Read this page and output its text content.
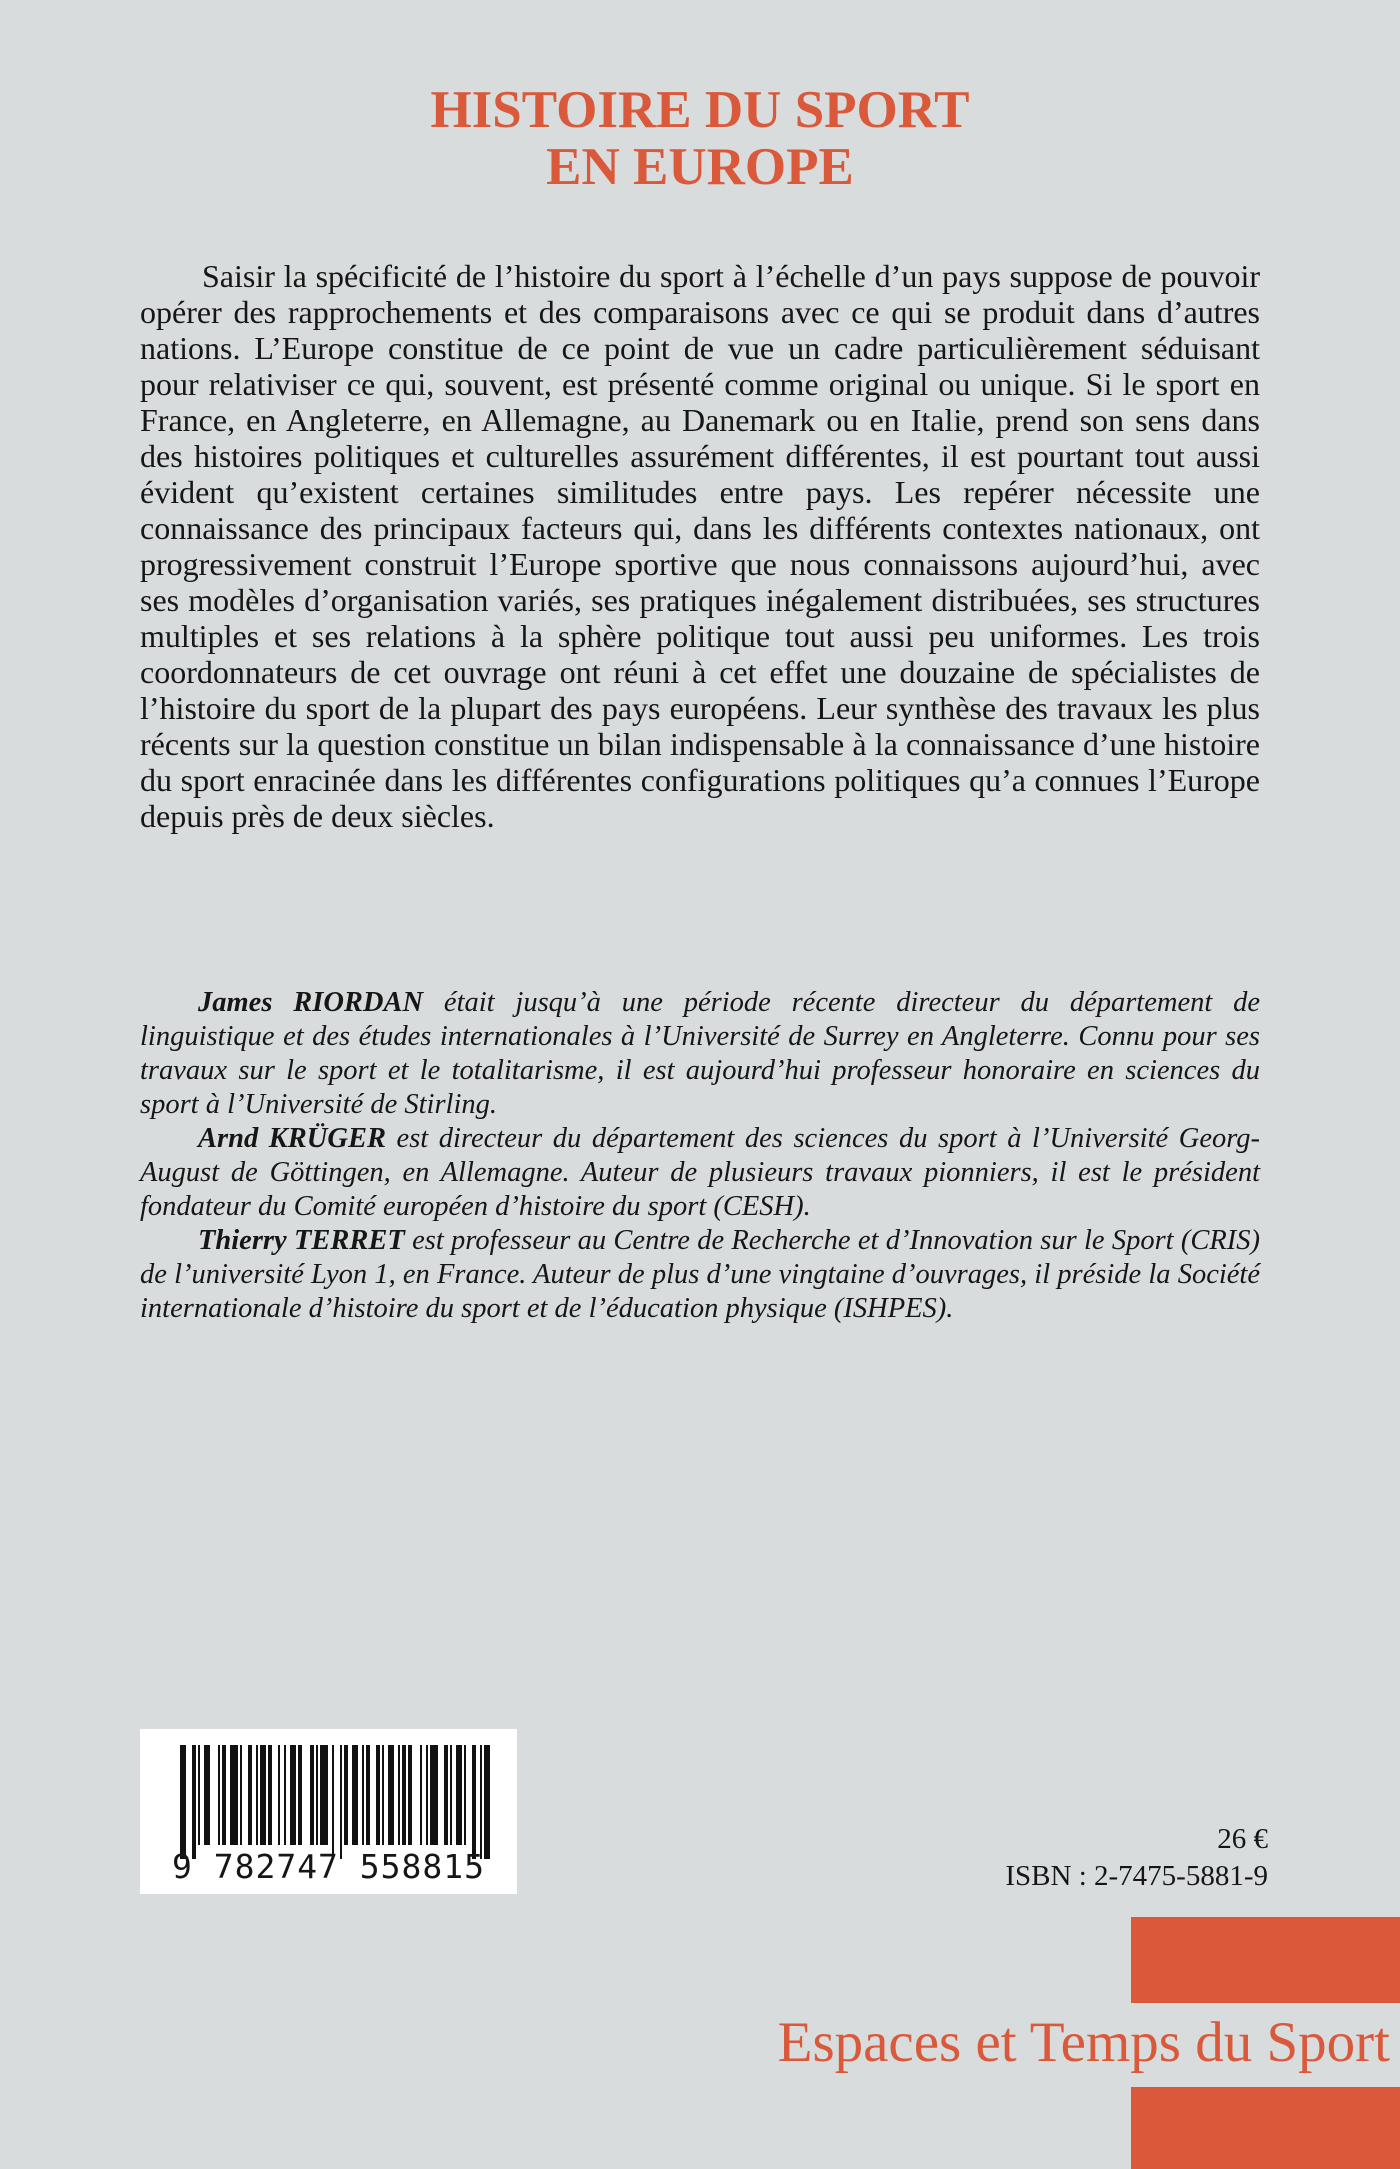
HISTOIRE DU SPORT
EN EUROPE

Saisir la spécificité de l’histoire du sport à l’échelle d’un pays suppose de pouvoir opérer des rapprochements et des comparaisons avec ce qui se produit dans d’autres nations. L’Europe constitue de ce point de vue un cadre particulièrement séduisant pour relativiser ce qui, souvent, est présenté comme original ou unique. Si le sport en France, en Angleterre, en Allemagne, au Danemark ou en Italie, prend son sens dans des histoires politiques et culturelles assurément différentes, il est pourtant tout aussi évident qu’existent certaines similitudes entre pays. Les repérer nécessite une connaissance des principaux facteurs qui, dans les différents contextes nationaux, ont progressivement construit l’Europe sportive que nous connaissons aujourd’hui, avec ses modèles d’organisation variés, ses pratiques inégalement distribuées, ses structures multiples et ses relations à la sphère politique tout aussi peu uniformes. Les trois coordonnateurs de cet ouvrage ont réuni à cet effet une douzaine de spécialistes de l’histoire du sport de la plupart des pays européens. Leur synthèse des travaux les plus récents sur la question constitue un bilan indispensable à la connaissance d’une histoire du sport enracinée dans les différentes configurations politiques qu’a connues l’Europe depuis près de deux siècles.

James RIORDAN était jusqu’à une période récente directeur du département de linguistique et des études internationales à l’Université de Surrey en Angleterre. Connu pour ses travaux sur le sport et le totalitarisme, il est aujourd’hui professeur honoraire en sciences du sport à l’Université de Stirling.

Arnd KRÜGER est directeur du département des sciences du sport à l’Université Georg-August de Göttingen, en Allemagne. Auteur de plusieurs travaux pionniers, il est le président fondateur du Comité européen d’histoire du sport (CESH).

Thierry TERRET est professeur au Centre de Recherche et d’Innovation sur le Sport (CRIS) de l’université Lyon 1, en France. Auteur de plus d’une vingtaine d’ouvrages, il préside la Société internationale d’histoire du sport et de l’éducation physique (ISHPES).

9 782747 558815
26 €
ISBN : 2-7475-5881-9
Espaces et Temps du Sport
